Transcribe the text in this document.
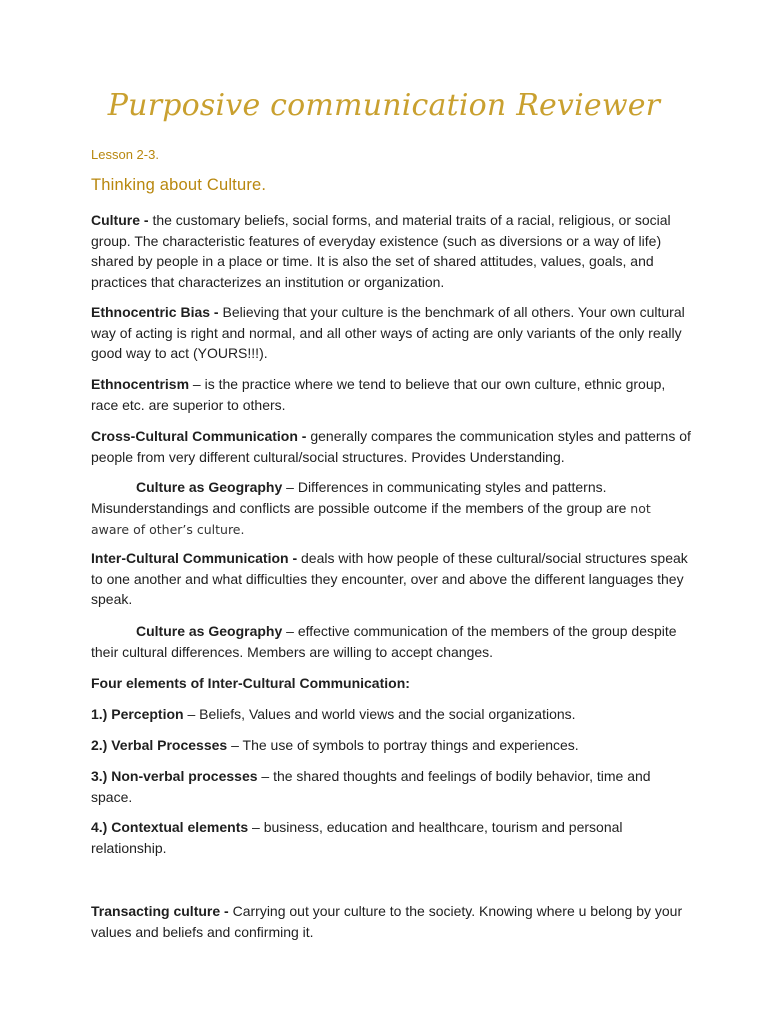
Purposive communication Reviewer
Lesson 2-3.
Thinking about Culture.

Culture - the customary beliefs, social forms, and material traits of a racial, religious, or social group. The characteristic features of everyday existence (such as diversions or a way of life) shared by people in a place or time. It is also the set of shared attitudes, values, goals, and practices that characterizes an institution or organization.

Ethnocentric Bias - Believing that your culture is the benchmark of all others. Your own cultural way of acting is right and normal, and all other ways of acting are only variants of the only really good way to act (YOURS!!!).

Ethnocentrism – is the practice where we tend to believe that our own culture, ethnic group, race etc. are superior to others.

Cross-Cultural Communication - generally compares the communication styles and patterns of people from very different cultural/social structures. Provides Understanding.

Culture as Geography – Differences in communicating styles and patterns. Misunderstandings and conflicts are possible outcome if the members of the group are not aware of other’s culture.

Inter-Cultural Communication - deals with how people of these cultural/social structures speak to one another and what difficulties they encounter, over and above the different languages they speak.

Culture as Geography – effective communication of the members of the group despite their cultural differences. Members are willing to accept changes.

Four elements of Inter-Cultural Communication:

1.) Perception – Beliefs, Values and world views and the social organizations.

2.) Verbal Processes – The use of symbols to portray things and experiences.

3.) Non-verbal processes – the shared thoughts and feelings of bodily behavior, time and space.

4.) Contextual elements – business, education and healthcare, tourism and personal relationship.

Transacting culture - Carrying out your culture to the society. Knowing where u belong by your values and beliefs and confirming it.
